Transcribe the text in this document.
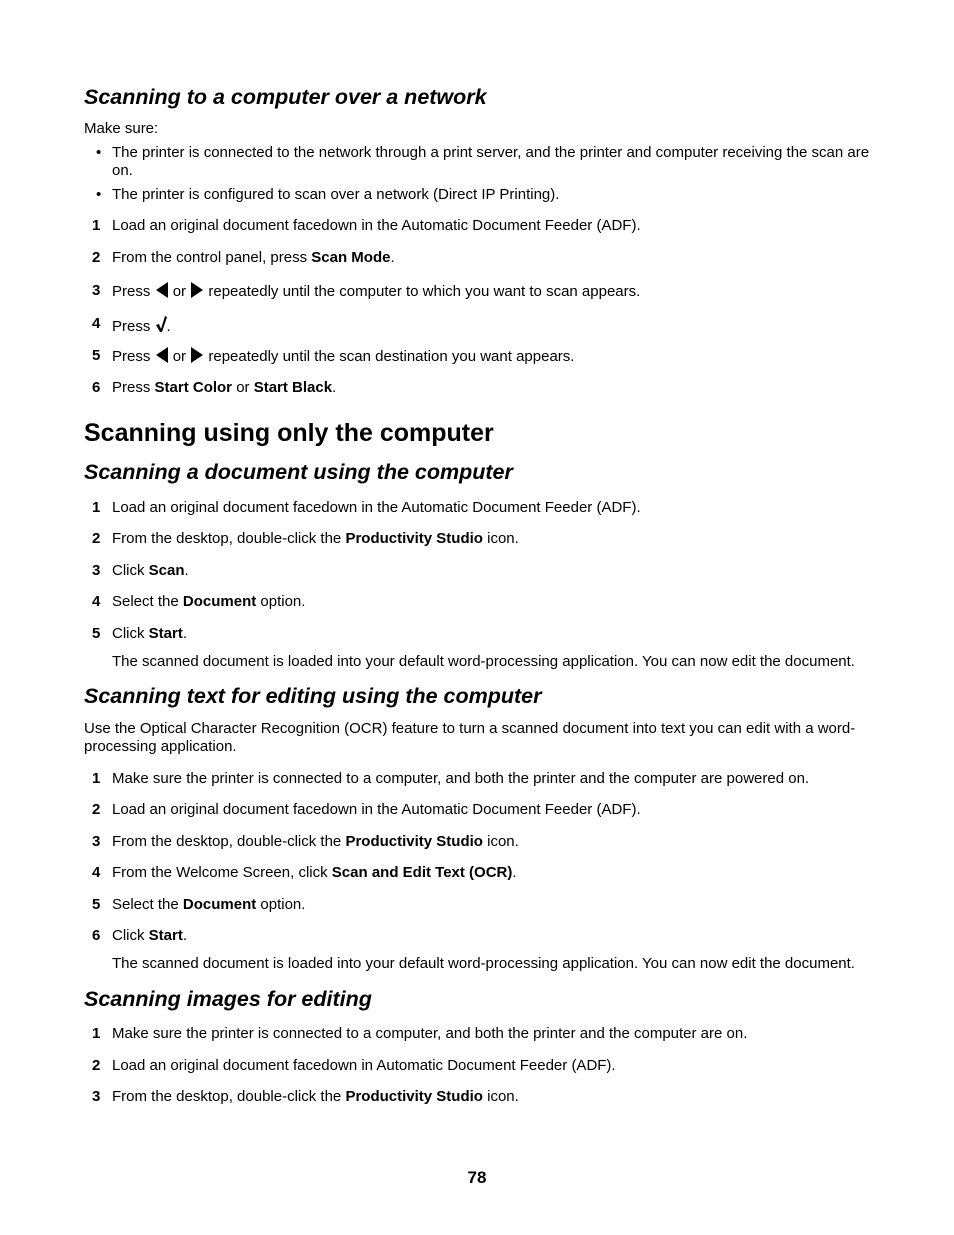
Scanning to a computer over a network

Make sure:

• The printer is connected to the network through a print server, and the printer and computer receiving the scan are on.
• The printer is configured to scan over a network (Direct IP Printing).
1 Load an original document facedown in the Automatic Document Feeder (ADF).
2 From the control panel, press Scan Mode.
3 Press or repeatedly until the computer to which you want to scan appears.
4 Press .
5 Press or repeatedly until the scan destination you want appears.
6 Press Start Color or Start Black.
Scanning using only the computer
Scanning a document using the computer
1 Load an original document facedown in the Automatic Document Feeder (ADF).
2 From the desktop, double-click the Productivity Studio icon.
3 Click Scan.
4 Select the Document option.
5 Click Start.
The scanned document is loaded into your default word-processing application. You can now edit the document.
Scanning text for editing using the computer

Use the Optical Character Recognition (OCR) feature to turn a scanned document into text you can edit with a word-processing application.

1 Make sure the printer is connected to a computer, and both the printer and the computer are powered on.
2 Load an original document facedown in the Automatic Document Feeder (ADF).
3 From the desktop, double-click the Productivity Studio icon.
4 From the Welcome Screen, click Scan and Edit Text (OCR).
5 Select the Document option.
6 Click Start.
The scanned document is loaded into your default word-processing application. You can now edit the document.
Scanning images for editing
1 Make sure the printer is connected to a computer, and both the printer and the computer are on.
2 Load an original document facedown in Automatic Document Feeder (ADF).
3 From the desktop, double-click the Productivity Studio icon.
78
